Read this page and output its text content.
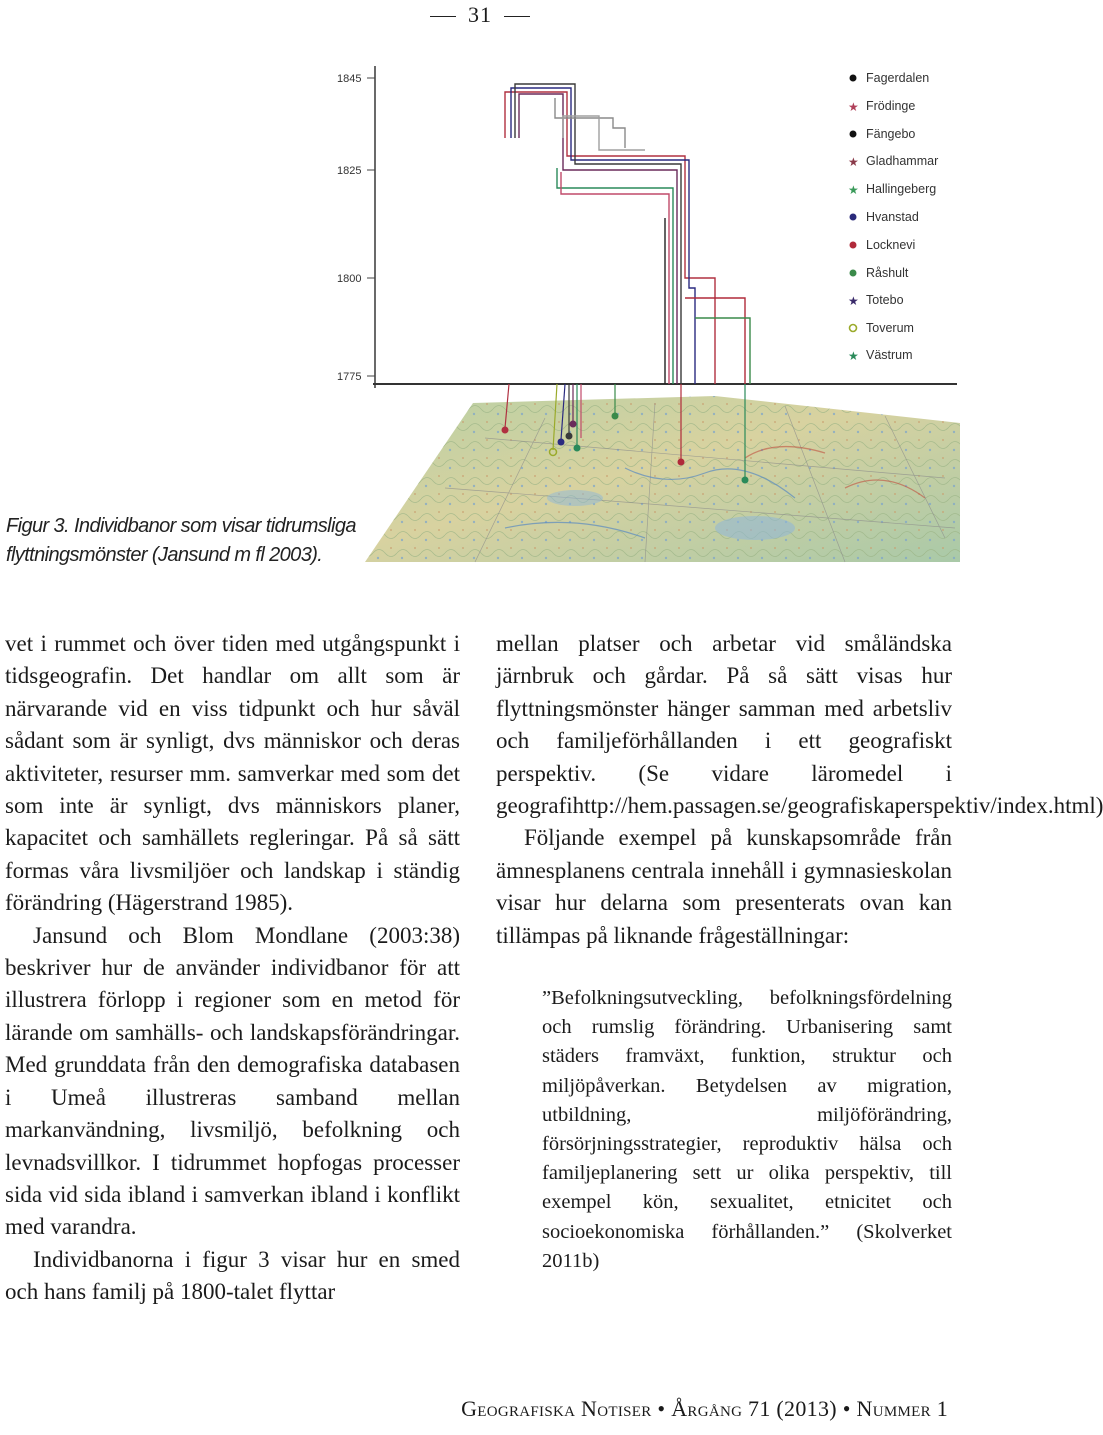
31
1845
1825
1800
1775
Fagerdalen
★ Frödinge
Fängebo
★ Gladhammar
★ Hallingeberg
Hvanstad
Locknevi
Råshult
★ Totebo
Toverum
★ Västrum
Figur 3. Individbanor som visar tidrumsliga
flyttningsmönster (Jansund m fl 2003).

vet i rummet och över tiden med utgångspunkt i tidsgeografin. Det handlar om allt som är närvarande vid en viss tidpunkt och hur såväl sådant som är synligt, dvs människor och deras aktiviteter, resurser mm. samverkar med som det som inte är synligt, dvs människors planer, kapacitet och samhällets regleringar. På så sätt formas våra livsmiljöer och landskap i ständig förändring (Hägerstrand 1985).

Jansund och Blom Mondlane (2003:38) beskriver hur de använder individbanor för att illustrera förlopp i regioner som en metod för lärande om samhälls- och landskapsförändringar. Med grunddata från den demografiska databasen i Umeå illustreras samband mellan markanvändning, livsmiljö, befolkning och levnadsvillkor. I tidrummet hopfogas processer sida vid sida ibland i samverkan ibland i konflikt med varandra.

Individbanorna i figur 3 visar hur en smed och hans familj på 1800-talet flyttar

mellan platser och arbetar vid småländska järnbruk och gårdar. På så sätt visas hur flyttningsmönster hänger samman med arbetsliv och familjeförhållanden i ett geografiskt perspektiv. (Se vidare läromedel i geografihttp://hem.passagen.se/geografiskaperspektiv/index.html)

Följande exempel på kunskapsområde från ämnesplanens centrala innehåll i gymnasieskolan visar hur delarna som presenterats ovan kan tillämpas på liknande frågeställningar:

”Befolkningsutveckling, befolkningsfördelning och rumslig förändring. Urbanisering samt städers framväxt, funktion, struktur och miljöpåverkan. Betydelsen av migration, utbildning, miljöförändring, försörjningsstrategier, reproduktiv hälsa och familjeplanering sett ur olika perspektiv, till exempel kön, sexualitet, etnicitet och socioekonomiska förhållanden.” (Skolverket 2011b)

Geografiska Notiser • Årgång 71 (2013) • Nummer 1
